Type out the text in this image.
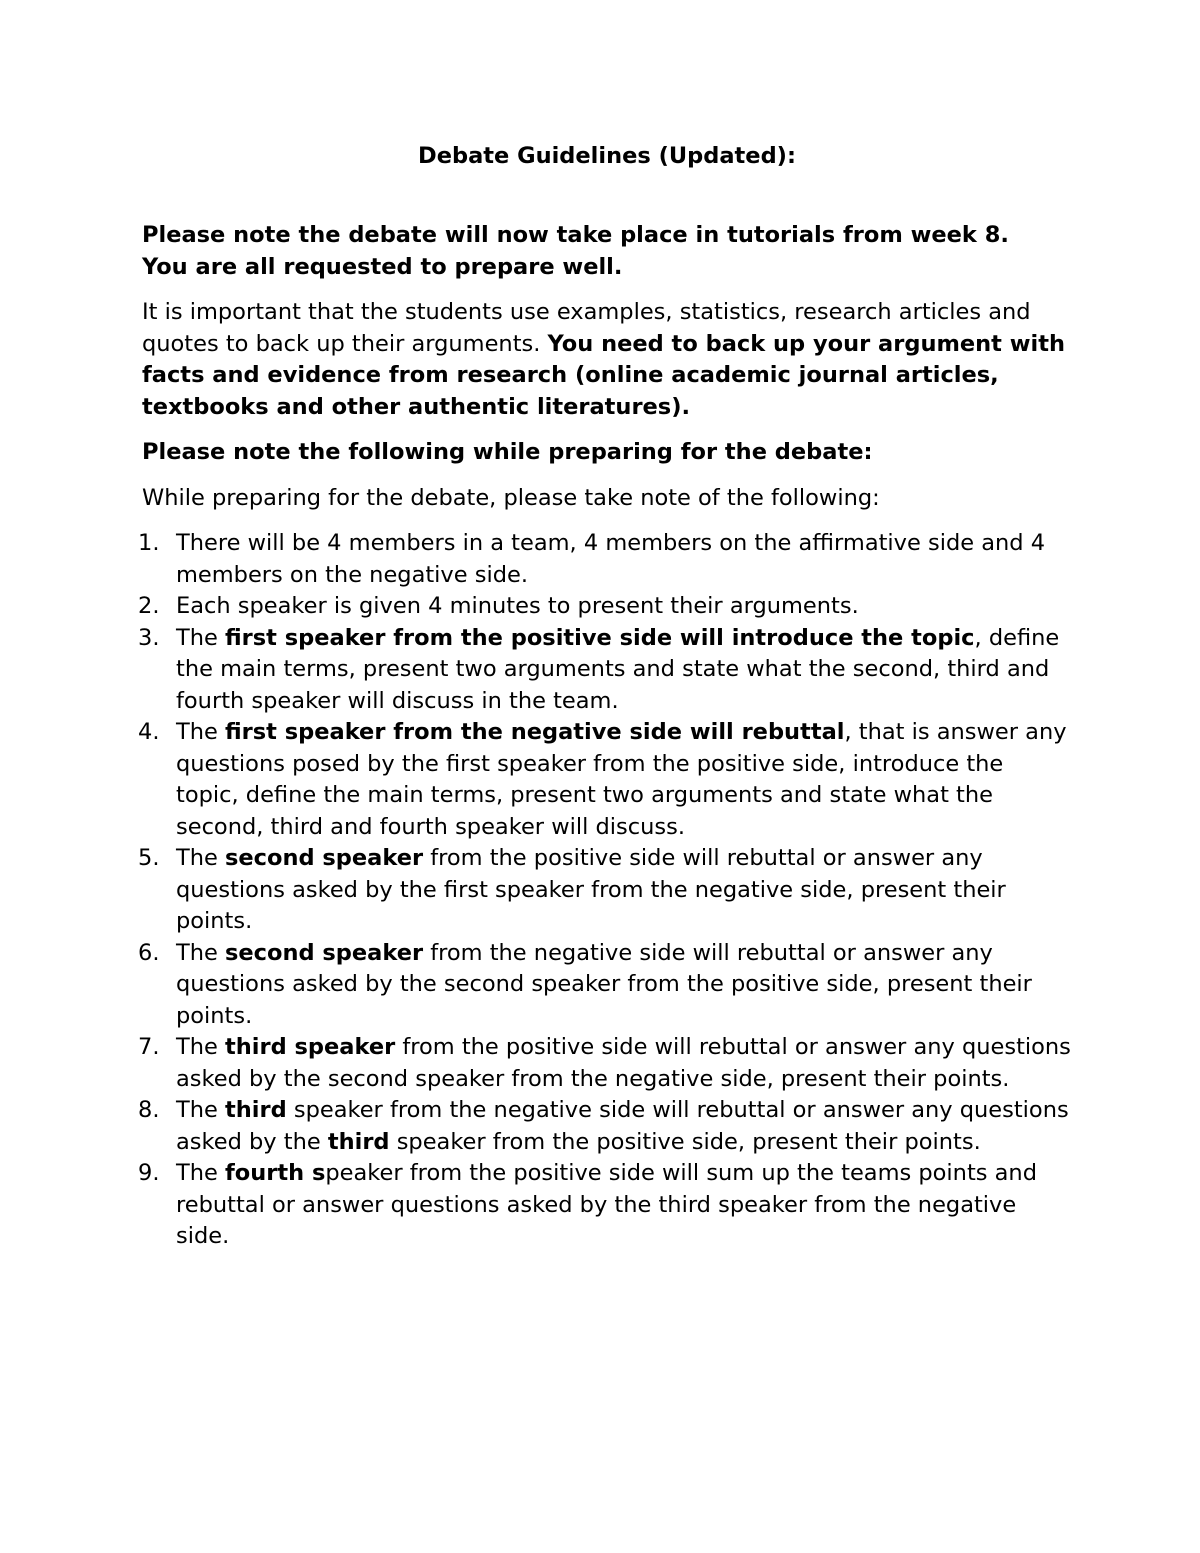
Debate Guidelines (Updated):
Please note the debate will now take place in tutorials from week 8.
You are all requested to prepare well.
It is important that the students use examples, statistics, research articles and quotes to back up their arguments. You need to back up your argument with facts and evidence from research (online academic journal articles, textbooks and other authentic literatures).
Please note the following while preparing for the debate:
While preparing for the debate, please take note of the following:
1. There will be 4 members in a team, 4 members on the affirmative side and 4 members on the negative side.
2. Each speaker is given 4 minutes to present their arguments.
3. The first speaker from the positive side will introduce the topic, define the main terms, present two arguments and state what the second, third and fourth speaker will discuss in the team.
4. The first speaker from the negative side will rebuttal, that is answer any questions posed by the first speaker from the positive side, introduce the topic, define the main terms, present two arguments and state what the second, third and fourth speaker will discuss.
5. The second speaker from the positive side will rebuttal or answer any questions asked by the first speaker from the negative side, present their points.
6. The second speaker from the negative side will rebuttal or answer any questions asked by the second speaker from the positive side, present their points.
7. The third speaker from the positive side will rebuttal or answer any questions asked by the second speaker from the negative side, present their points.
8. The third speaker from the negative side will rebuttal or answer any questions asked by the third speaker from the positive side, present their points.
9. The fourth speaker from the positive side will sum up the teams points and rebuttal or answer questions asked by the third speaker from the negative side.
